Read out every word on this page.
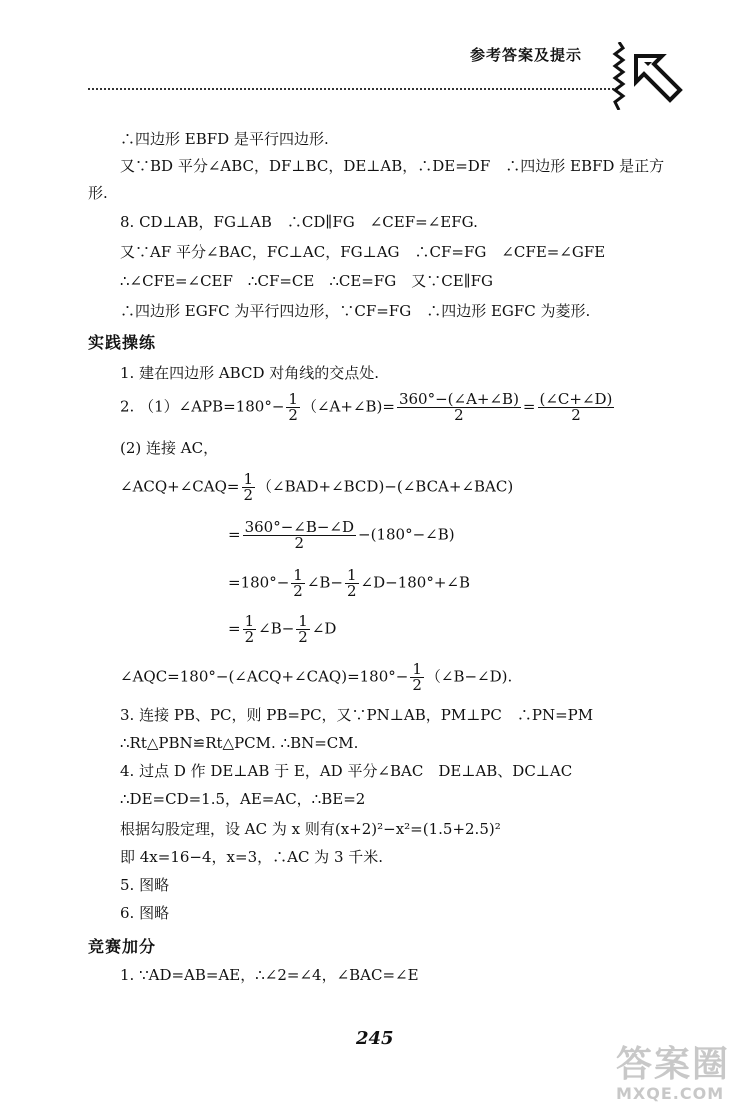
参考答案及提示
∴四边形 EBFD 是平行四边形.
又∵BD 平分∠ABC，DF⊥BC，DE⊥AB，∴DE=DF　∴四边形 EBFD 是正方
形.
8. CD⊥AB，FG⊥AB　∴CD∥FG　∠CEF=∠EFG.
又∵AF 平分∠BAC，FC⊥AC，FG⊥AG　∴CF=FG　∠CFE=∠GFE
∴∠CFE=∠CEF　∴CF=CE　∴CE=FG　又∵CE∥FG
∴四边形 EGFC 为平行四边形，∵CF=FG　∴四边形 EGFC 为菱形.
实践操练
1. 建在四边形 ABCD 对角线的交点处.
2. （1）∠APB=180°− $\frac{1}{2}$ （∠A+∠B)= $\frac{360^\circ-(\angle A+\angle B)}{2} = \frac{(\angle C+\angle D)}{2}$
(2) 连接 AC，
∠ACQ+∠CAQ= $\frac{1}{2}$ （∠BAD+∠BCD)−(∠BCA+∠BAC)
= $\frac{360^\circ-\angle B-\angle D}{2}$ −(180°−∠B)
$=180^\circ- \frac{1}{2}$ ∠B− $\frac{1}{2}$ ∠D−180°+∠B
= $\frac{1}{2}$ ∠B− $\frac{1}{2}$ ∠D
∠AQC=180°−(∠ACQ+∠CAQ)=180°− $\frac{1}{2}$ （∠B−∠D).
3. 连接 PB、PC，则 PB=PC，又∵PN⊥AB，PM⊥PC　∴PN=PM
∴Rt△PBN≌Rt△PCM. ∴BN=CM.
4. 过点 D 作 DE⊥AB 于 E，AD 平分∠BAC　DE⊥AB、DC⊥AC
∴DE=CD=1.5，AE=AC，∴BE=2
根据勾股定理，设 AC 为 x 则有(x+2)²−x²=(1.5+2.5)²
即 4x=16−4，x=3，∴AC 为 3 千米.
5. 图略
6. 图略
竞赛加分
1. ∵AD=AB=AE，∴∠2=∠4，∠BAC=∠E
245
答案圈
MXQE.COM
